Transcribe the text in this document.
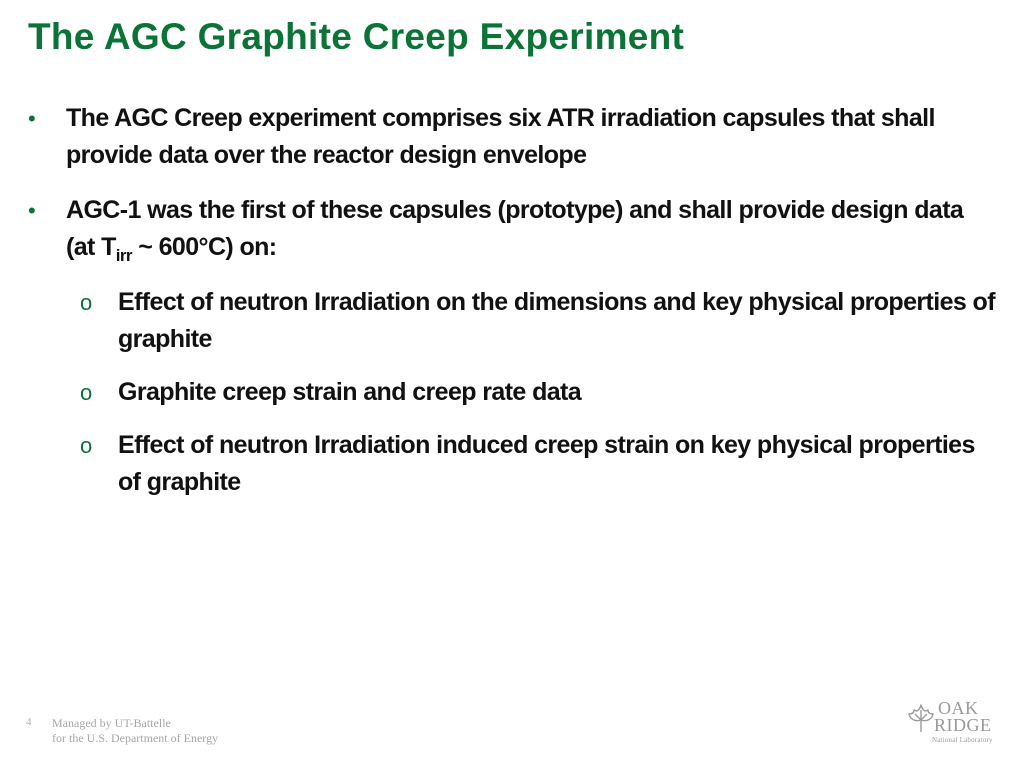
The AGC Graphite Creep Experiment
• The AGC Creep experiment comprises six ATR irradiation capsules that shall provide data over the reactor design envelope
• AGC-1 was the first of these capsules (prototype) and shall provide design data (at $T_{irr}$ ~ 600°C) on:
o Effect of neutron Irradiation on the dimensions and key physical properties of graphite
o Graphite creep strain and creep rate data
o Effect of neutron Irradiation induced creep strain on key physical properties of graphite
4 Managed by UT-Battelle
for the U.S. Department of Energy
OAK
RIDGE
National Laboratory
